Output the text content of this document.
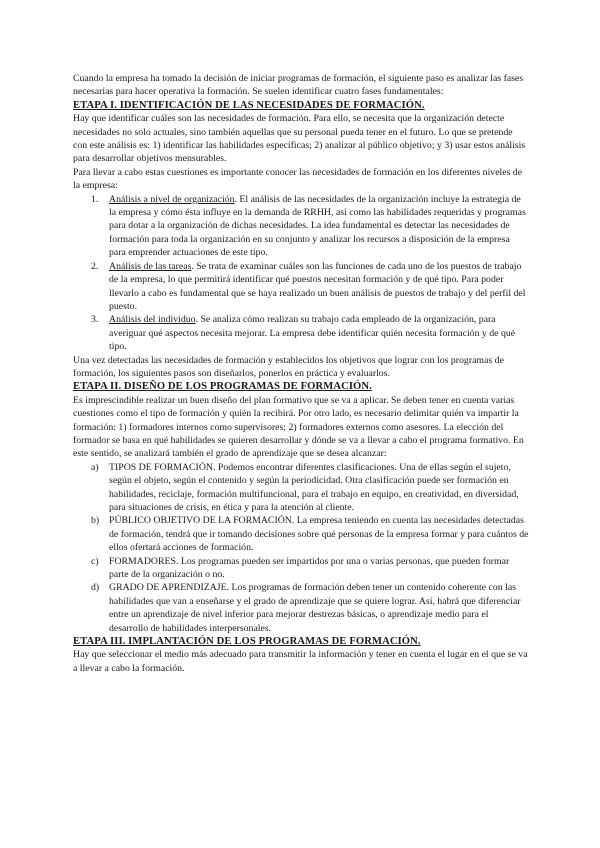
Cuando la empresa ha tomado la decisión de iniciar programas de formación, el siguiente paso es analizar las fases necesarias para hacer operativa la formación. Se suelen identificar cuatro fases fundamentales:

ETAPA I. IDENTIFICACIÓN DE LAS NECESIDADES DE FORMACIÓN.

Hay que identificar cuáles son las necesidades de formación. Para ello, se necesita que la organización detecte necesidades no solo actuales, sino también aquellas que su personal pueda tener en el futuro. Lo que se pretende con este análisis es: 1) identificar las habilidades específicas; 2) analizar al público objetivo; y 3) usar estos análisis para desarrollar objetivos mensurables.

Para llevar a cabo estas cuestiones es importante conocer las necesidades de formación en los diferentes niveles de la empresa:

1. Análisis a nivel de organización. El análisis de las necesidades de la organización incluye la estrategia de la empresa y cómo ésta influye en la demanda de RRHH, así como las habilidades requeridas y programas para dotar a la organización de dichas necesidades. La idea fundamental es detectar las necesidades de formación para toda la organización en su conjunto y analizar los recursos a disposición de la empresa para emprender actuaciones de este tipo.
2. Análisis de las tareas. Se trata de examinar cuáles son las funciones de cada uno de los puestos de trabajo de la empresa, lo que permitirá identificar qué puestos necesitan formación y de qué tipo. Para poder llevarlo a cabo es fundamental que se haya realizado un buen análisis de puestos de trabajo y del perfil del puesto.
3. Análisis del individuo. Se analiza cómo realizan su trabajo cada empleado de la organización, para averiguar qué aspectos necesita mejorar. La empresa debe identificar quién necesita formación y de qué tipo.

Una vez detectadas las necesidades de formación y establecidos los objetivos que lograr con los programas de formación, los siguientes pasos son diseñarlos, ponerlos en práctica y evaluarlos.

ETAPA II. DISEÑO DE LOS PROGRAMAS DE FORMACIÓN.

Es imprescindible realizar un buen diseño del plan formativo que se va a aplicar. Se deben tener en cuenta varias cuestiones como el tipo de formación y quién la recibirá. Por otro lado, es necesario delimitar quién va impartir la formación: 1) formadores internos como supervisores; 2) formadores externos como asesores. La elección del formador se basa en qué habilidades se quieren desarrollar y dónde se va a llevar a cabo el programa formativo. En este sentido, se analizará también el grado de aprendizaje que se desea alcanzar:

a) TIPOS DE FORMACIÓN. Podemos encontrar diferentes clasificaciones. Una de ellas según el sujeto, según el objeto, según el contenido y según la periodicidad. Otra clasificación puede ser formación en habilidades, reciclaje, formación multifuncional, para el trabajo en equipo, en creatividad, en diversidad, para situaciones de crisis, en ética y para la atención al cliente.
b) PÚBLICO OBJETIVO DE LA FORMACIÓN. La empresa teniendo en cuenta las necesidades detectadas de formación, tendrá que ir tomando decisiones sobre qué personas de la empresa formar y para cuántos de ellos ofertará acciones de formación.
c) FORMADORES. Los programas pueden ser impartidos por una o varias personas, que pueden formar parte de la organización o no.
d) GRADO DE APRENDIZAJE. Los programas de formación deben tener un contenido coherente con las habilidades que van a enseñarse y el grado de aprendizaje que se quiere lograr. Así, habrá que diferenciar entre un aprendizaje de nivel inferior para mejorar destrezas básicas, o aprendizaje medio para el desarrollo de habilidades interpersonales.
ETAPA III. IMPLANTACIÓN DE LOS PROGRAMAS DE FORMACIÓN.

Hay que seleccionar el medio más adecuado para transmitir la información y tener en cuenta el lugar en el que se va a llevar a cabo la formación.
